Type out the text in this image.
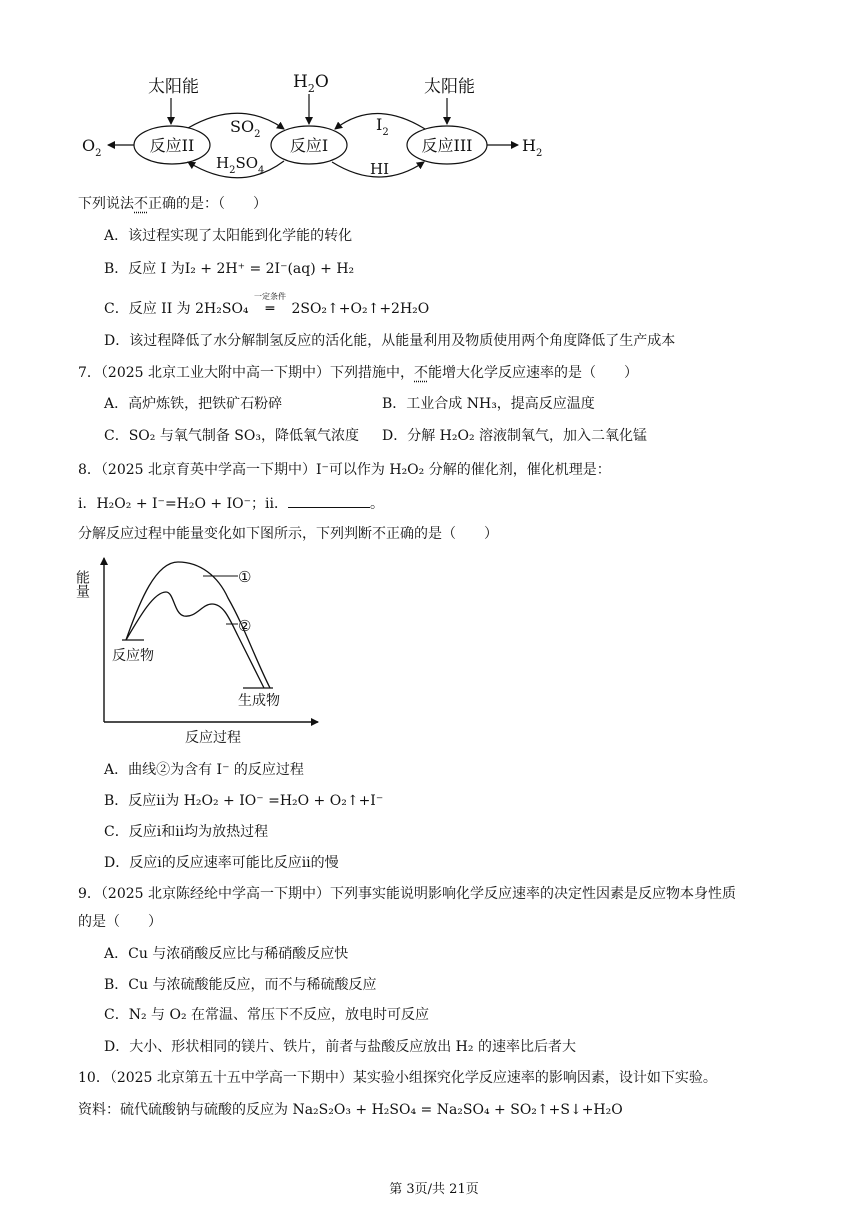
太阳能	$H_2O$	太阳能
反应II	反应I	反应III
$O_2$	$H_2$
$SO_2$
$H_2SO_4$
$I_2$
HI
下列说法不正确的是：（　　）
A．该过程实现了太阳能到化学能的转化
B．反应 I 为I₂ + 2H⁺ = 2I⁻(aq) + H₂
C．反应 II 为 2H₂SO₄
一定条件
═ 2SO₂↑+O₂↑+2H₂O
D．该过程降低了水分解制氢反应的活化能，从能量利用及物质使用两个角度降低了生产成本
7．（2025 北京工业大附中高一下期中）下列措施中，不能增大化学反应速率的是（　　）
A．高炉炼铁，把铁矿石粉碎	B．工业合成 NH₃，提高反应温度
C．SO₂ 与氧气制备 SO₃，降低氧气浓度 D．分解 H₂O₂ 溶液制氧气，加入二氧化锰
8．（2025 北京育英中学高一下期中）I⁻可以作为 H₂O₂ 分解的催化剂，催化机理是：
i．H₂O₂ + I⁻=H₂O + IO⁻；ii．	。
分解反应过程中能量变化如下图所示，下列判断不正确的是（　　）
能量	①
②
反应物
生成物
反应过程
A．曲线②为含有 I⁻ 的反应过程
B．反应ii为 H₂O₂ + IO⁻ =H₂O + O₂↑+I⁻
C．反应i和ii均为放热过程
D．反应i的反应速率可能比反应ii的慢
9．（2025 北京陈经纶中学高一下期中）下列事实能说明影响化学反应速率的决定性因素是反应物本身性质
的是（　　）
A．Cu 与浓硝酸反应比与稀硝酸反应快
B．Cu 与浓硫酸能反应，而不与稀硫酸反应
C．N₂ 与 O₂ 在常温、常压下不反应，放电时可反应
D．大小、形状相同的镁片、铁片，前者与盐酸反应放出 H₂ 的速率比后者大
10．（2025 北京第五十五中学高一下期中）某实验小组探究化学反应速率的影响因素，设计如下实验。
资料：硫代硫酸钠与硫酸的反应为 Na₂S₂O₃ + H₂SO₄ = Na₂SO₄ + SO₂↑+S↓+H₂O
第 3页/共 21页
